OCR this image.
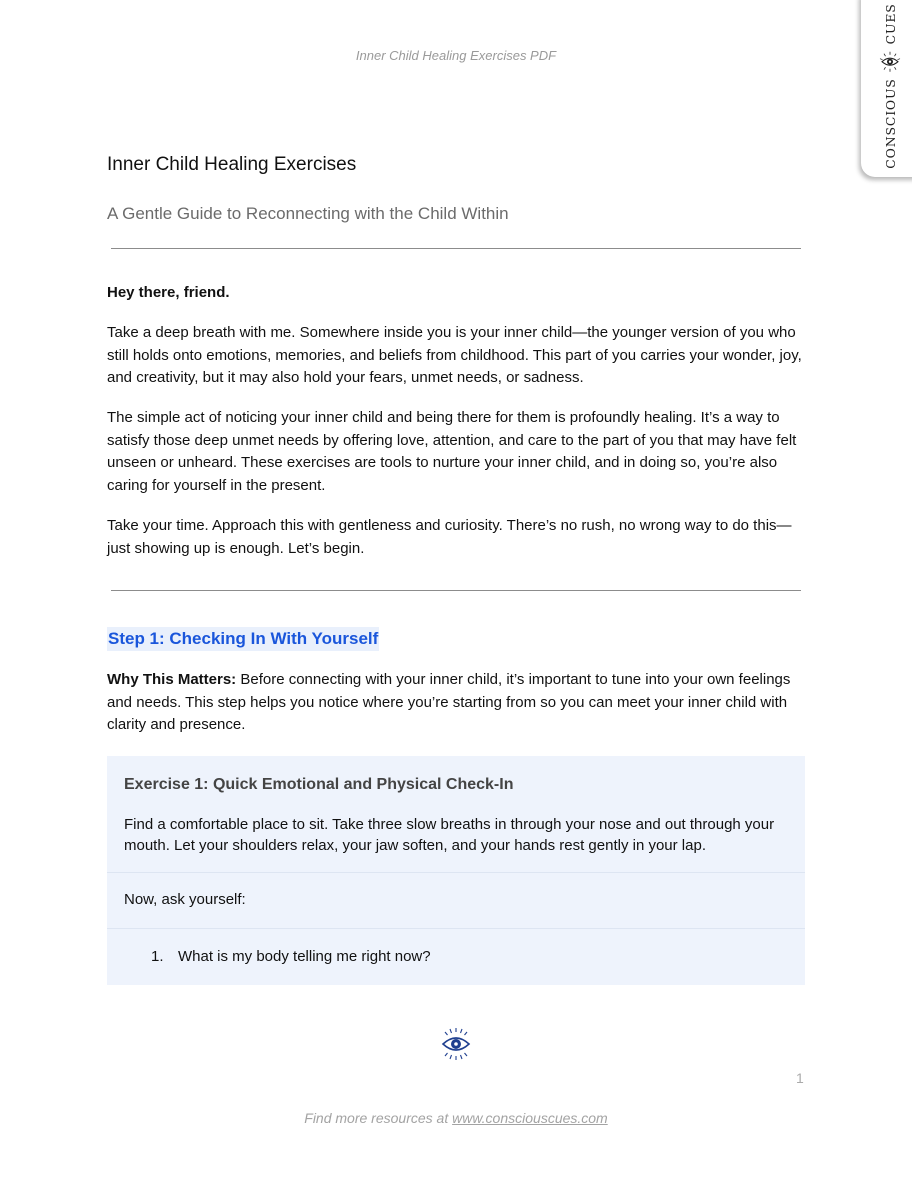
Inner Child Healing Exercises PDF
CONSCIOUS
CUES
Inner Child Healing Exercises
A Gentle Guide to Reconnecting with the Child Within

Hey there, friend.

Take a deep breath with me. Somewhere inside you is your inner child—the younger version of you who still holds onto emotions, memories, and beliefs from childhood. This part of you carries your wonder, joy, and creativity, but it may also hold your fears, unmet needs, or sadness.

The simple act of noticing your inner child and being there for them is profoundly healing. It’s a way to satisfy those deep unmet needs by offering love, attention, and care to the part of you that may have felt unseen or unheard. These exercises are tools to nurture your inner child, and in doing so, you’re also caring for yourself in the present.

Take your time. Approach this with gentleness and curiosity. There’s no rush, no wrong way to do this—just showing up is enough. Let’s begin.

Step 1: Checking In With Yourself

Why This Matters: Before connecting with your inner child, it’s important to tune into your own feelings and needs. This step helps you notice where you’re starting from so you can meet your inner child with clarity and presence.

Exercise 1: Quick Emotional and Physical Check-In

Find a comfortable place to sit. Take three slow breaths in through your nose and out through your mouth. Let your shoulders relax, your jaw soften, and your hands rest gently in your lap.

Now, ask yourself:

1. What is my body telling me right now?
1
Find more resources at www.consciouscues.com
